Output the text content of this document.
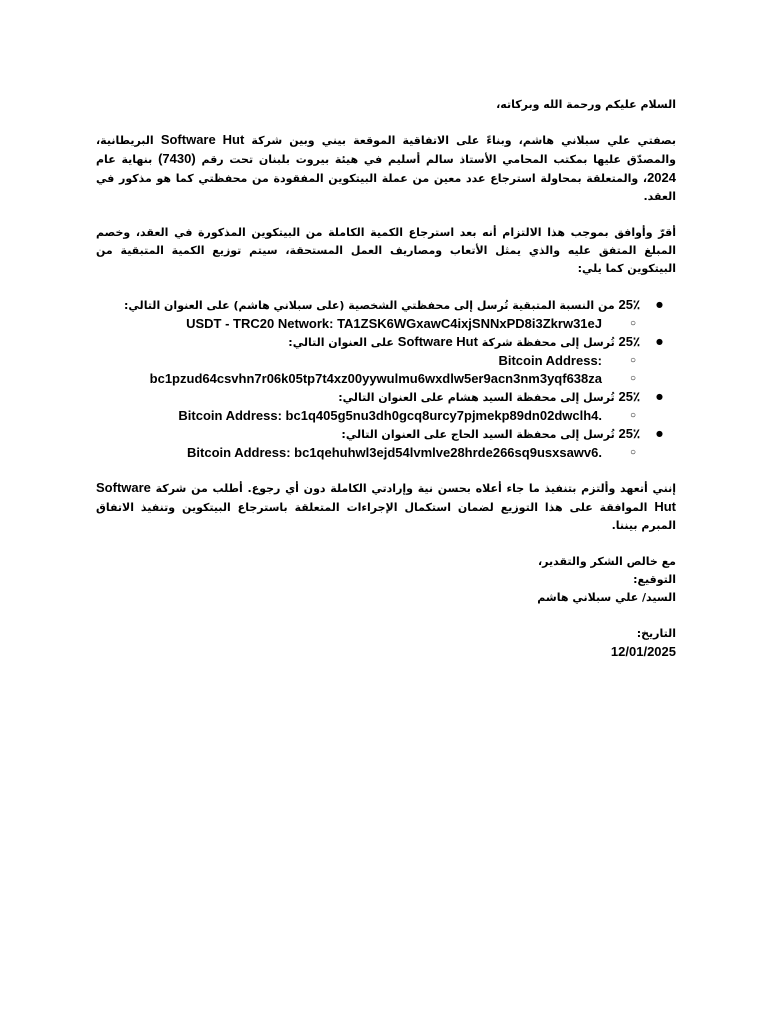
السلام عليكم ورحمة الله وبركاته،

بصفتي علي سبلاني هاشم، وبناءً على الاتفاقية الموقعة بيني وبين شركة Software Hut البريطانية، والمصدّق عليها بمكتب المحامي الأستاذ سالم أسليم في هيئة بيروت بلبنان تحت رقم (7430) بنهاية عام 2024، والمتعلقة بمحاولة استرجاع عدد معين من عملة البيتكوين المفقودة من محفظتي كما هو مذكور في العقد.

أقرّ وأوافق بموجب هذا الالتزام أنه بعد استرجاع الكمية الكاملة من البيتكوين المذكورة في العقد، وخصم المبلغ المتفق عليه والذي يمثل الأتعاب ومصاريف العمل المستحقة، سيتم توزيع الكمية المتبقية من البيتكوين كما يلي:

● 25٪ من النسبة المتبقية تُرسل إلى محفظتي الشخصية (على سبلاني هاشم) على العنوان التالي:
○ USDT - TRC20 Network: TA1ZSK6WGxawC4ixjSNNxPD8i3Zkrw31eJ
● 25٪ تُرسل إلى محفظة شركة Software Hut على العنوان التالي:
○ Bitcoin Address:
○ bc1pzud64csvhn7r06k05tp7t4xz00yywulmu6wxdlw5er9acn3nm3yqf638za
● 25٪ تُرسل إلى محفظة السيد هشام على العنوان التالي:
○ Bitcoin Address: bc1q405g5nu3dh0gcq8urcy7pjmekp89dn02dwclh4.
● 25٪ تُرسل إلى محفظة السيد الحاج على العنوان التالي:
○ Bitcoin Address: bc1qehuhwl3ejd54lvmlve28hrde266sq9usxsawv6.

إنني أتعهد وألتزم بتنفيذ ما جاء أعلاه بحسن نية وإرادتي الكاملة دون أي رجوع. أطلب من شركة Software Hut الموافقة على هذا التوزيع لضمان استكمال الإجراءات المتعلقة باسترجاع البيتكوين وتنفيذ الاتفاق المبرم بيننا.

مع خالص الشكر والتقدير،

التوقيع:

السيد/ علي سبلاني هاشم

التاريخ:

12/01/2025
